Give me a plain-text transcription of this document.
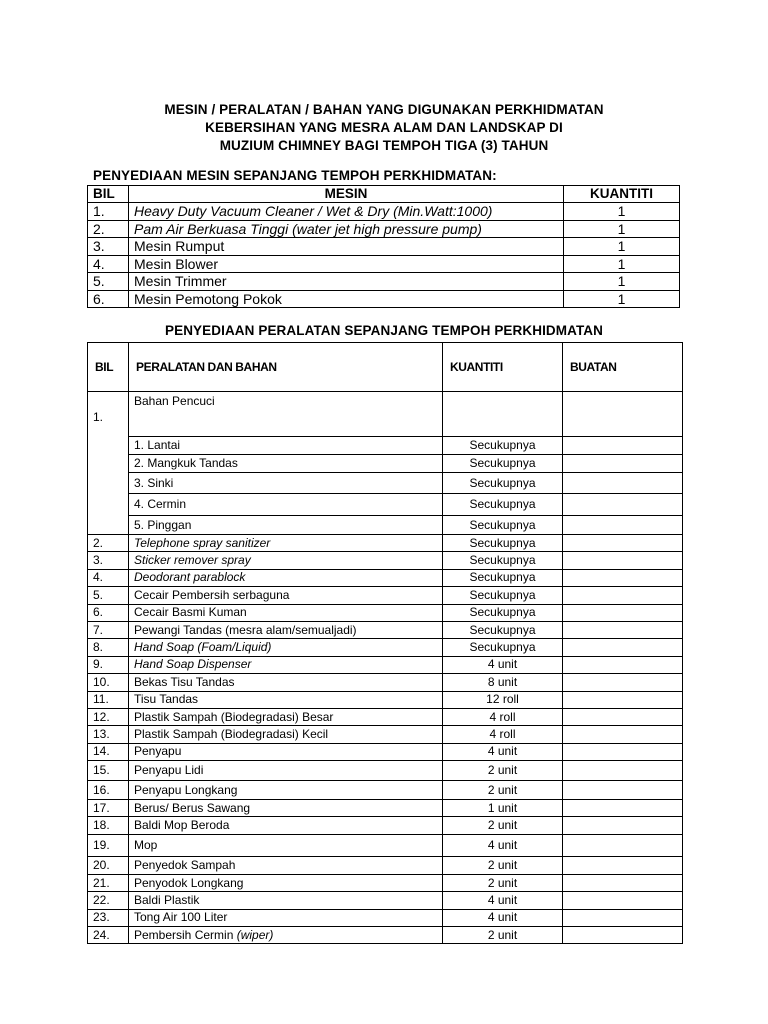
MESIN / PERALATAN / BAHAN YANG DIGUNAKAN PERKHIDMATAN
KEBERSIHAN YANG MESRA ALAM DAN LANDSKAP DI
MUZIUM CHIMNEY BAGI TEMPOH TIGA (3) TAHUN
PENYEDIAAN MESIN SEPANJANG TEMPOH PERKHIDMATAN:
BIL	MESIN	KUANTITI
1.	Heavy Duty Vacuum Cleaner / Wet & Dry (Min.Watt:1000)	1
2.	Pam Air Berkuasa Tinggi (water jet high pressure pump)	1
3.	Mesin Rumput	1
4.	Mesin Blower	1
5.	Mesin Trimmer	1
6.	Mesin Pemotong Pokok	1
PENYEDIAAN PERALATAN SEPANJANG TEMPOH PERKHIDMATAN
BIL	PERALATAN DAN BAHAN	KUANTITI	BUATAN
1.	Bahan Pencuci		
	1. Lantai	Secukupnya	
	2. Mangkuk Tandas	Secukupnya	
	3. Sinki	Secukupnya	
	4. Cermin	Secukupnya	
	5. Pinggan	Secukupnya	
2.	Telephone spray sanitizer	Secukupnya	
3.	Sticker remover spray	Secukupnya	
4.	Deodorant parablock	Secukupnya	
5.	Cecair Pembersih serbaguna	Secukupnya	
6.	Cecair Basmi Kuman	Secukupnya	
7.	Pewangi Tandas (mesra alam/semualjadi)	Secukupnya	
8.	Hand Soap (Foam/Liquid)	Secukupnya	
9.	Hand Soap Dispenser	4 unit	
10.	Bekas Tisu Tandas	8 unit	
11.	Tisu Tandas	12 roll	
12.	Plastik Sampah (Biodegradasi) Besar	4 roll	
13.	Plastik Sampah (Biodegradasi) Kecil	4 roll	
14.	Penyapu	4 unit	
15.	Penyapu Lidi	2 unit	
16.	Penyapu Longkang	2 unit	
17.	Berus/ Berus Sawang	1 unit	
18.	Baldi Mop Beroda	2 unit	
19.	Mop	4 unit	
20.	Penyedok Sampah	2 unit	
21.	Penyodok Longkang	2 unit	
22.	Baldi Plastik	4 unit	
23.	Tong Air 100 Liter	4 unit	
24.	Pembersih Cermin (wiper)	2 unit	
